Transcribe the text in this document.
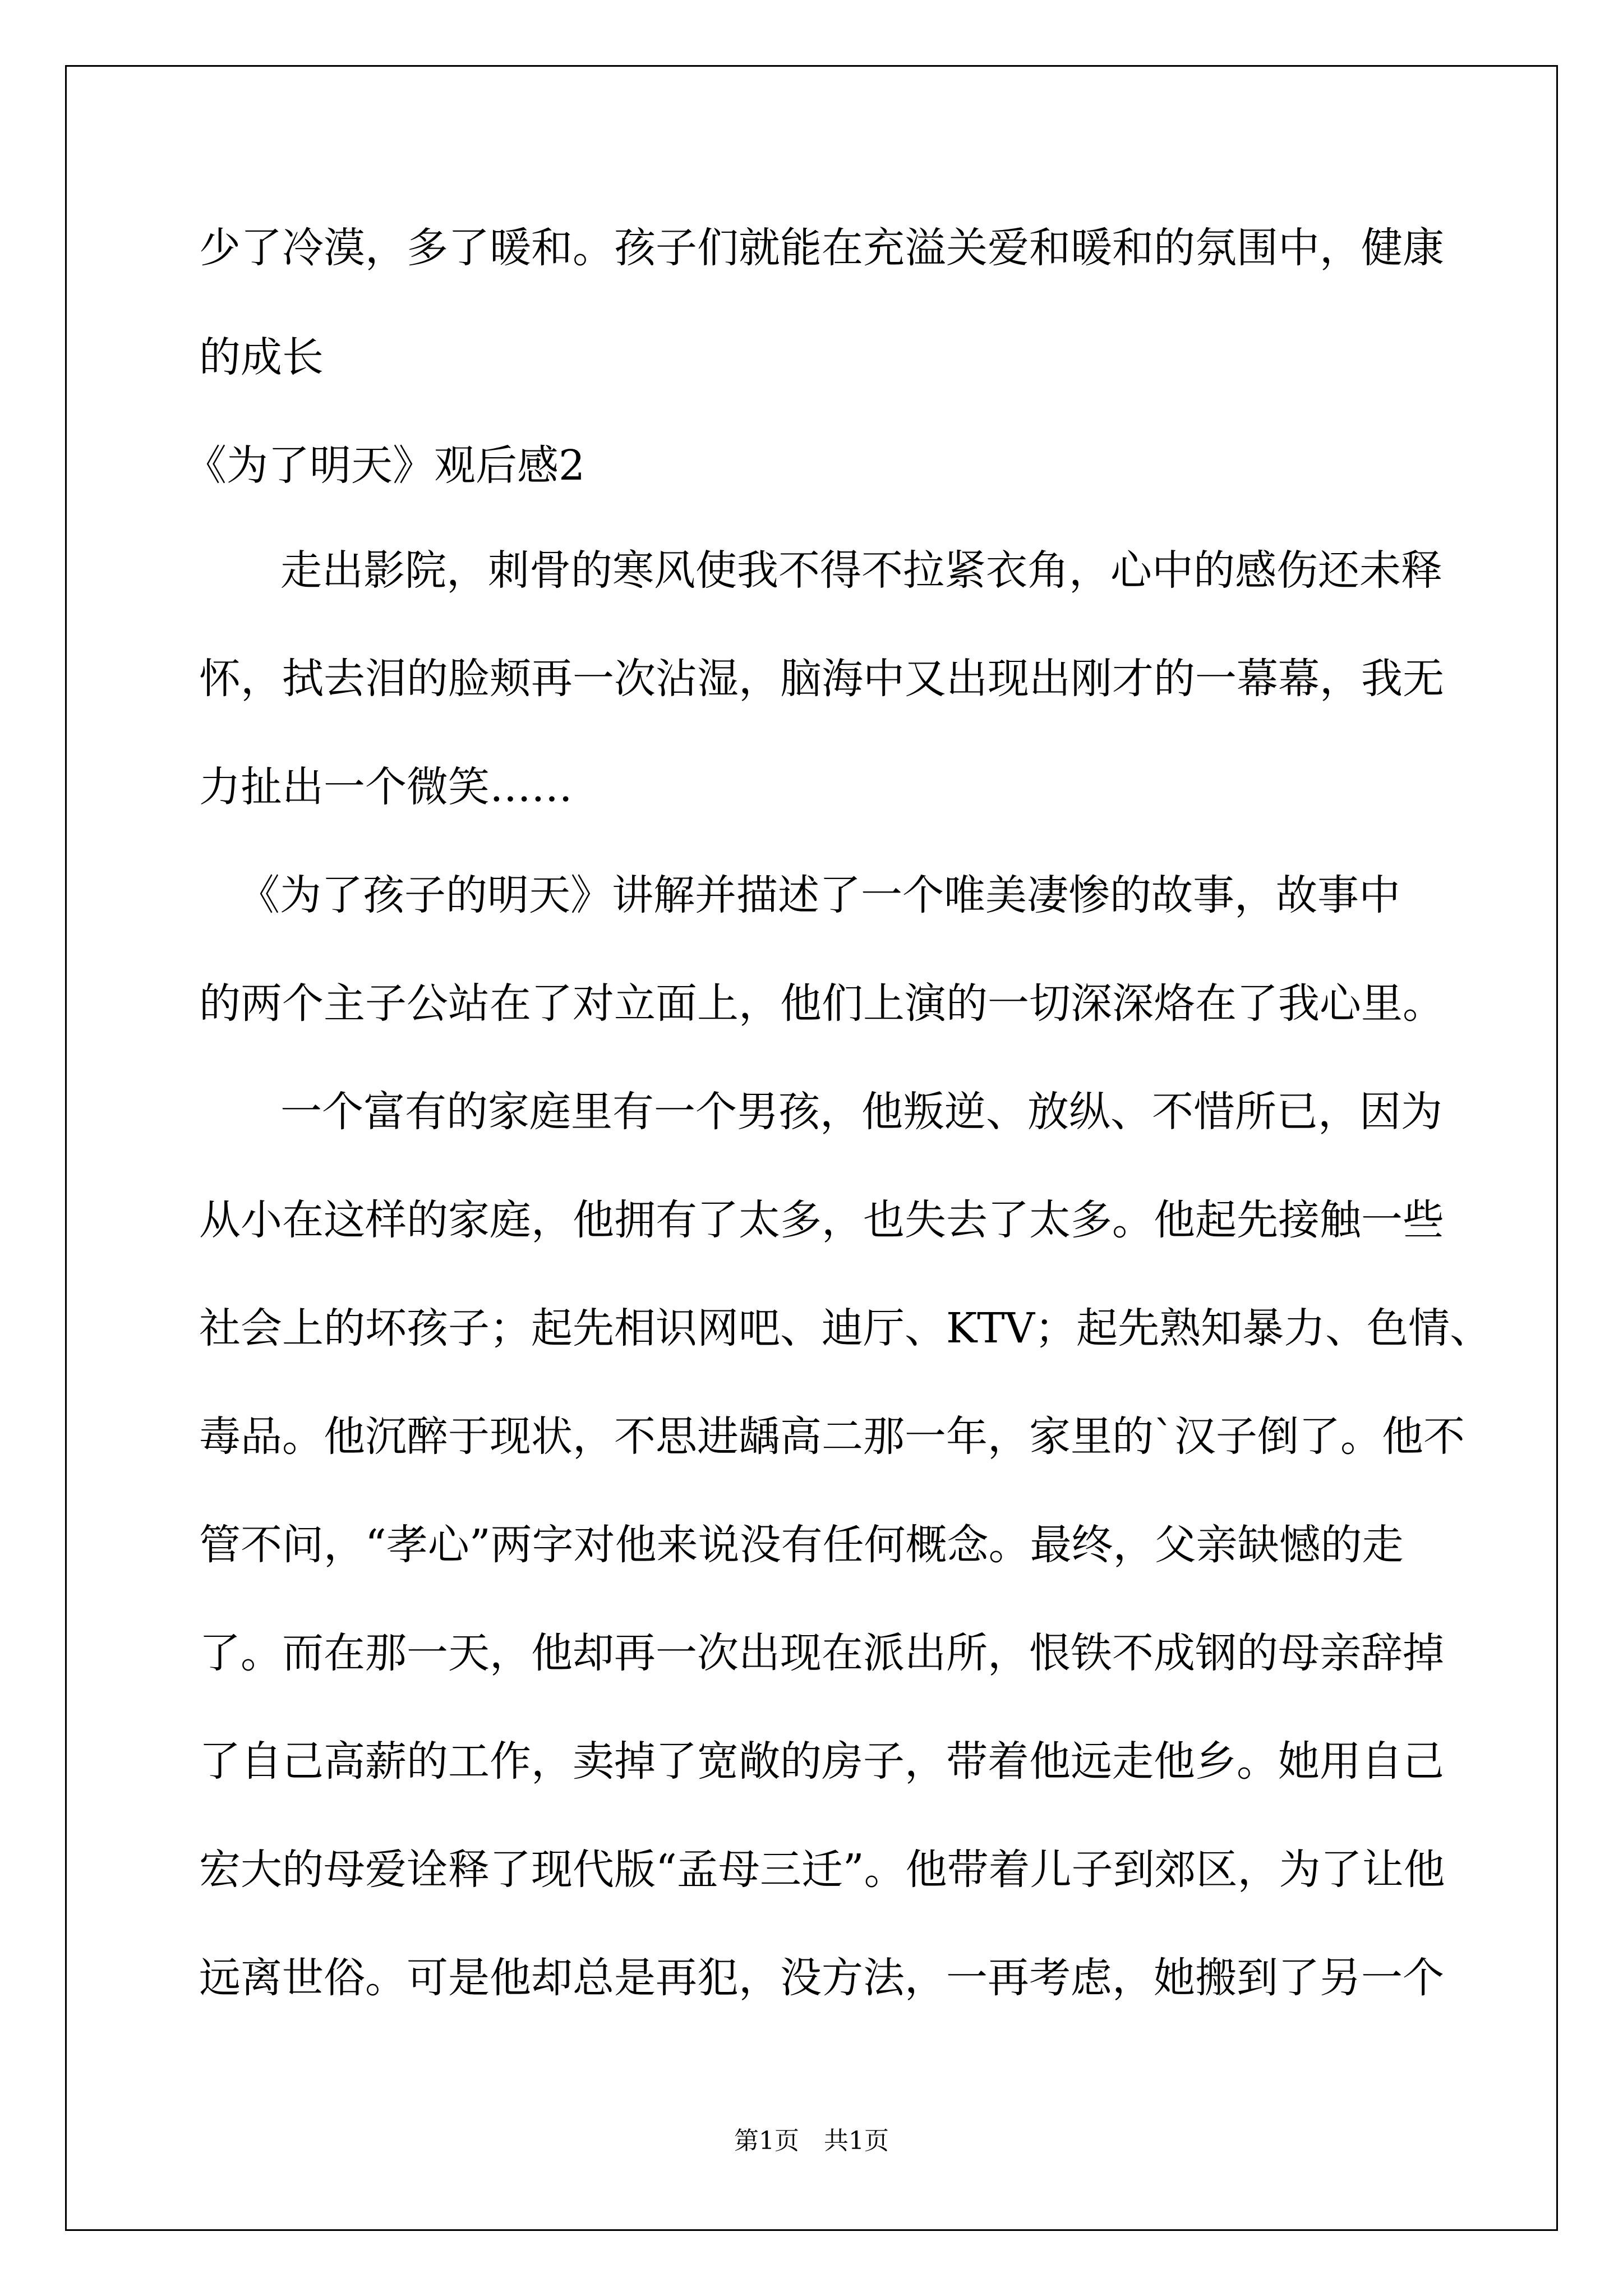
少了冷漠，多了暖和。孩子们就能在充溢关爱和暖和的氛围中，健康
的成长
《为了明天》观后感2
走出影院，刺骨的寒风使我不得不拉紧衣角，心中的感伤还未释
怀，拭去泪的脸颊再一次沾湿，脑海中又出现出刚才的一幕幕，我无
力扯出一个微笑……
《为了孩子的明天》讲解并描述了一个唯美凄惨的故事，故事中
的两个主子公站在了对立面上，他们上演的一切深深烙在了我心里。
一个富有的家庭里有一个男孩，他叛逆、放纵、不惜所已，因为
从小在这样的家庭，他拥有了太多，也失去了太多。他起先接触一些
社会上的坏孩子；起先相识网吧、迪厅、KTV；起先熟知暴力、色情、
毒品。他沉醉于现状，不思进龋高二那一年，家里的`汉子倒了。他不
管不问，“孝心”两字对他来说没有任何概念。最终，父亲缺憾的走
了。而在那一天，他却再一次出现在派出所，恨铁不成钢的母亲辞掉
了自己高薪的工作，卖掉了宽敞的房子，带着他远走他乡。她用自己
宏大的母爱诠释了现代版“孟母三迁”。他带着儿子到郊区，为了让他
远离世俗。可是他却总是再犯，没方法，一再考虑，她搬到了另一个
第1页　共1页
